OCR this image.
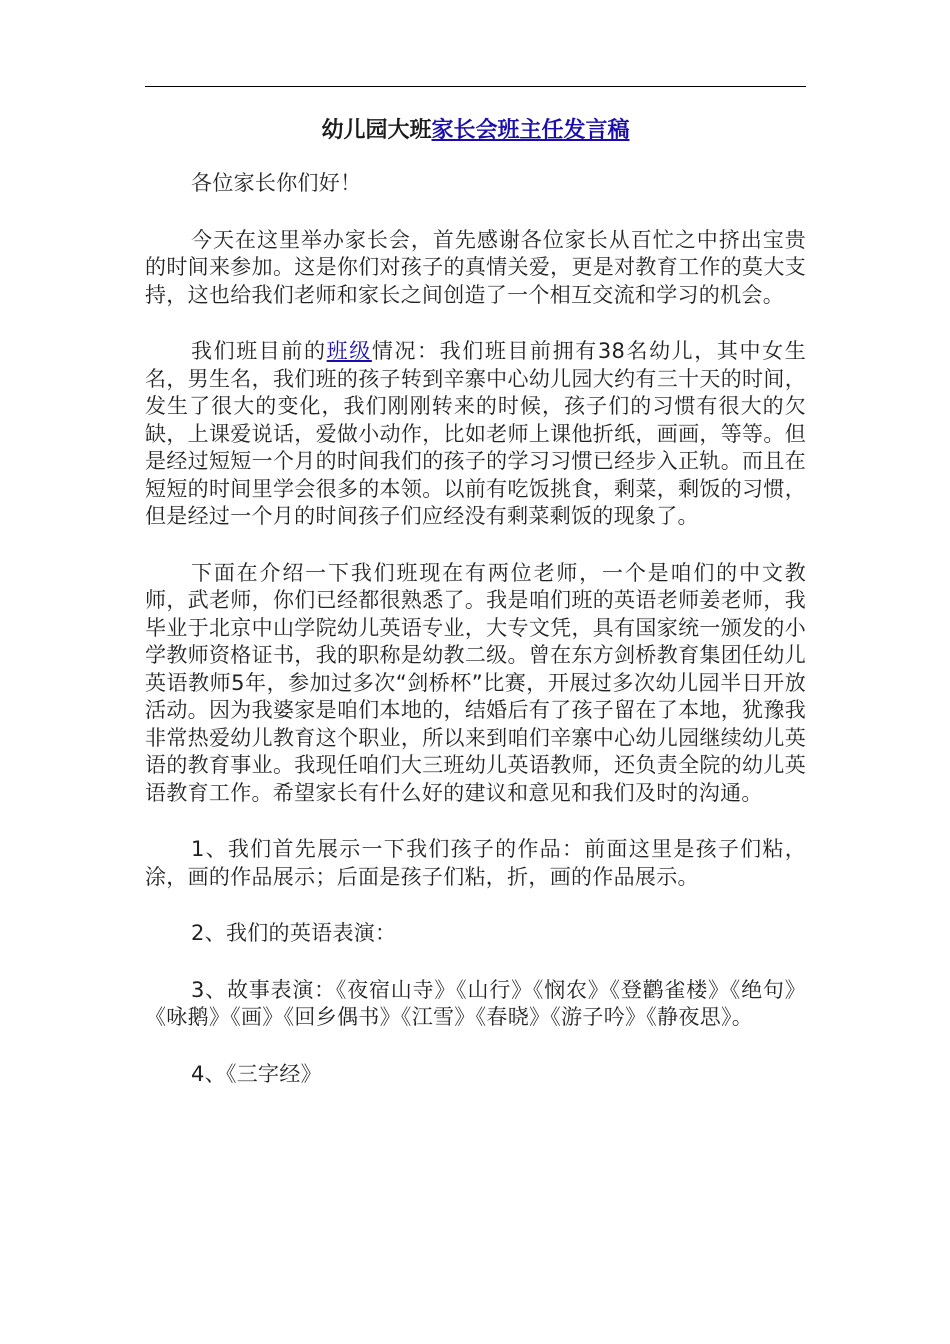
幼儿园大班家长会班主任发言稿

各位家长你们好！

今天在这里举办家长会，首先感谢各位家长从百忙之中挤出宝贵的时间来参加。这是你们对孩子的真情关爱，更是对教育工作的莫大支持，这也给我们老师和家长之间创造了一个相互交流和学习的机会。

我们班目前的班级情况：我们班目前拥有38名幼儿，其中女生名，男生名，我们班的孩子转到辛寨中心幼儿园大约有三十天的时间，发生了很大的变化，我们刚刚转来的时候，孩子们的习惯有很大的欠缺，上课爱说话，爱做小动作，比如老师上课他折纸，画画，等等。但是经过短短一个月的时间我们的孩子的学习习惯已经步入正轨。而且在短短的时间里学会很多的本领。以前有吃饭挑食，剩菜，剩饭的习惯，但是经过一个月的时间孩子们应经没有剩菜剩饭的现象了。

下面在介绍一下我们班现在有两位老师，一个是咱们的中文教师，武老师，你们已经都很熟悉了。我是咱们班的英语老师姜老师，我毕业于北京中山学院幼儿英语专业，大专文凭，具有国家统一颁发的小学教师资格证书，我的职称是幼教二级。曾在东方剑桥教育集团任幼儿英语教师5年，参加过多次“剑桥杯”比赛，开展过多次幼儿园半日开放活动。因为我婆家是咱们本地的，结婚后有了孩子留在了本地，犹豫我非常热爱幼儿教育这个职业，所以来到咱们辛寨中心幼儿园继续幼儿英语的教育事业。我现任咱们大三班幼儿英语教师，还负责全院的幼儿英语教育工作。希望家长有什么好的建议和意见和我们及时的沟通。

1、我们首先展示一下我们孩子的作品：前面这里是孩子们粘，涂，画的作品展示；后面是孩子们粘，折，画的作品展示。

2、我们的英语表演：

3、故事表演：《夜宿山寺》《山行》《悯农》《登鹳雀楼》《绝句》《咏鹅》《画》《回乡偶书》《江雪》《春晓》《游子吟》《静夜思》。

4、《三字经》
